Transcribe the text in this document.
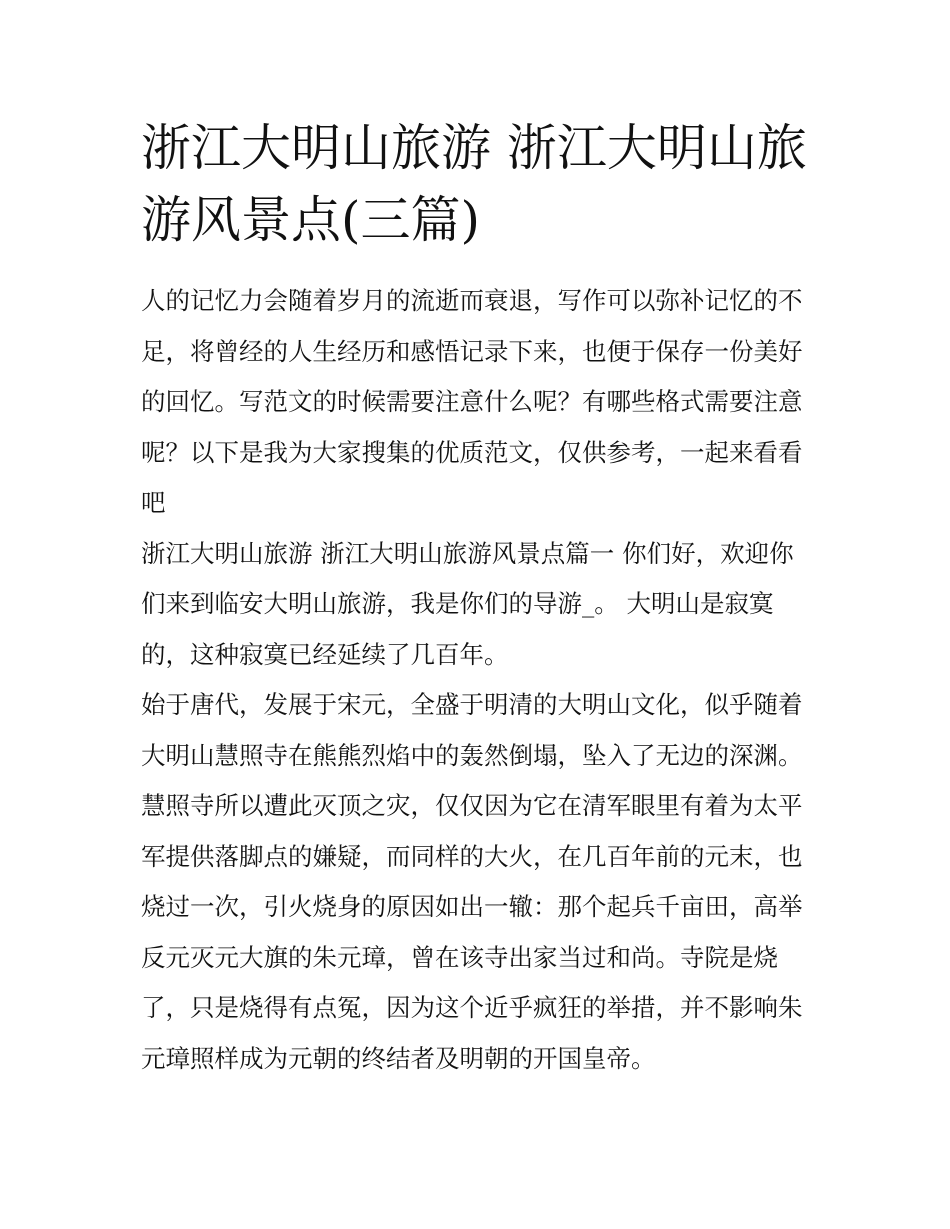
浙江大明山旅游 浙江大明山旅游风景点(三篇)

人的记忆力会随着岁月的流逝而衰退，写作可以弥补记忆的不足，将曾经的人生经历和感悟记录下来，也便于保存一份美好的回忆。写范文的时候需要注意什么呢？有哪些格式需要注意呢？以下是我为大家搜集的优质范文，仅供参考，一起来看看吧

浙江大明山旅游 浙江大明山旅游风景点篇一 你们好，欢迎你们来到临安大明山旅游，我是你们的导游_。 大明山是寂寞的，这种寂寞已经延续了几百年。

始于唐代，发展于宋元，全盛于明清的大明山文化，似乎随着大明山慧照寺在熊熊烈焰中的轰然倒塌，坠入了无边的深渊。慧照寺所以遭此灭顶之灾，仅仅因为它在清军眼里有着为太平军提供落脚点的嫌疑，而同样的大火，在几百年前的元末，也烧过一次，引火烧身的原因如出一辙：那个起兵千亩田，高举反元灭元大旗的朱元璋，曾在该寺出家当过和尚。寺院是烧了，只是烧得有点冤，因为这个近乎疯狂的举措，并不影响朱元璋照样成为元朝的终结者及明朝的开国皇帝。
